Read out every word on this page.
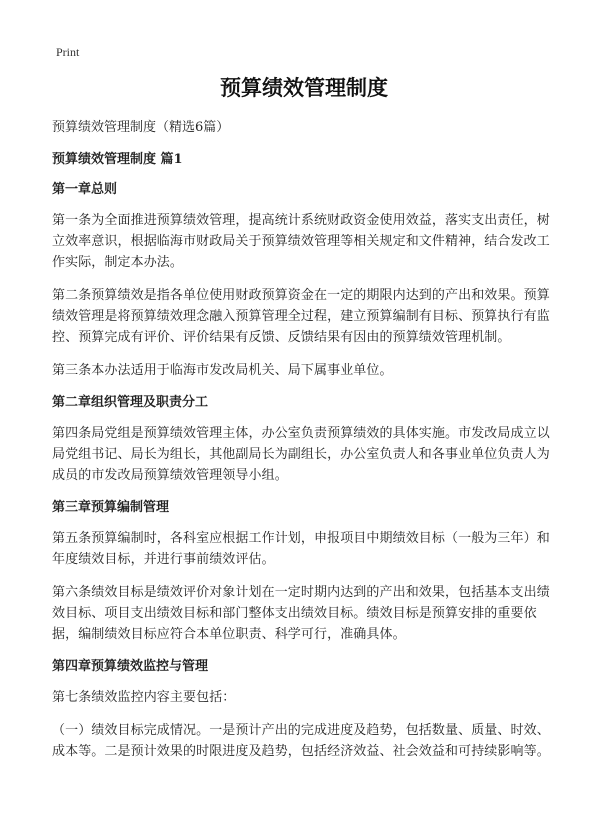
Print
预算绩效管理制度
预算绩效管理制度（精选6篇）
预算绩效管理制度 篇1
第一章总则
第一条为全面推进预算绩效管理，提高统计系统财政资金使用效益，落实支出责任，树立效率意识，根据临海市财政局关于预算绩效管理等相关规定和文件精神，结合发改工作实际，制定本办法。
第二条预算绩效是指各单位使用财政预算资金在一定的期限内达到的产出和效果。预算绩效管理是将预算绩效理念融入预算管理全过程，建立预算编制有目标、预算执行有监控、预算完成有评价、评价结果有反馈、反馈结果有因由的预算绩效管理机制。
第三条本办法适用于临海市发改局机关、局下属事业单位。
第二章组织管理及职责分工
第四条局党组是预算绩效管理主体，办公室负责预算绩效的具体实施。市发改局成立以局党组书记、局长为组长，其他副局长为副组长，办公室负责人和各事业单位负责人为成员的市发改局预算绩效管理领导小组。
第三章预算编制管理
第五条预算编制时，各科室应根据工作计划，申报项目中期绩效目标（一般为三年）和年度绩效目标，并进行事前绩效评估。
第六条绩效目标是绩效评价对象计划在一定时期内达到的产出和效果，包括基本支出绩效目标、项目支出绩效目标和部门整体支出绩效目标。绩效目标是预算安排的重要依据，编制绩效目标应符合本单位职责、科学可行，准确具体。
第四章预算绩效监控与管理
第七条绩效监控内容主要包括：
（一）绩效目标完成情况。一是预计产出的完成进度及趋势，包括数量、质量、时效、成本等。二是预计效果的时限进度及趋势，包括经济效益、社会效益和可持续影响等。
